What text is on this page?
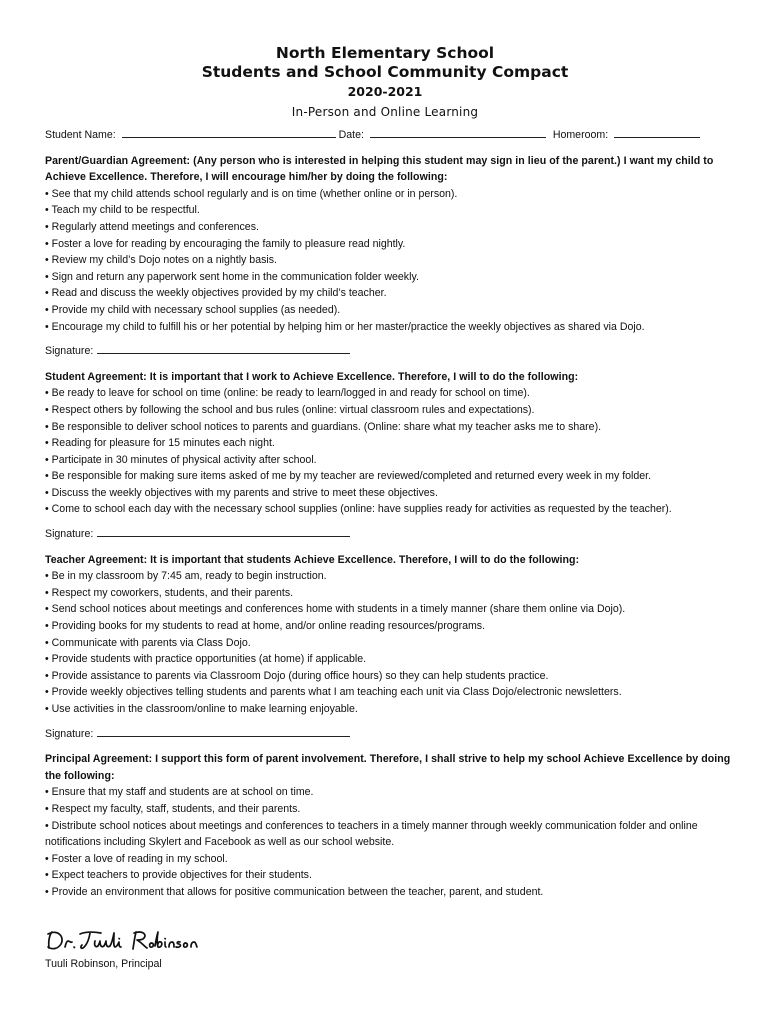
North Elementary School
Students and School Community Compact
2020-2021
In-Person and Online Learning
Student Name:	Date:	Homeroom:
Parent/Guardian Agreement: (Any person who is interested in helping this student may sign in lieu of the parent.) I want my child to Achieve Excellence. Therefore, I will encourage him/her by doing the following:
• See that my child attends school regularly and is on time (whether online or in person).
• Teach my child to be respectful.
• Regularly attend meetings and conferences.
• Foster a love for reading by encouraging the family to pleasure read nightly.
• Review my child’s Dojo notes on a nightly basis.
• Sign and return any paperwork sent home in the communication folder weekly.
• Read and discuss the weekly objectives provided by my child’s teacher.
• Provide my child with necessary school supplies (as needed).
• Encourage my child to fulfill his or her potential by helping him or her master/practice the weekly objectives as shared via Dojo.
Signature:
Student Agreement: It is important that I work to Achieve Excellence. Therefore, I will to do the following:
• Be ready to leave for school on time (online: be ready to learn/logged in and ready for school on time).
• Respect others by following the school and bus rules (online: virtual classroom rules and expectations).
• Be responsible to deliver school notices to parents and guardians. (Online: share what my teacher asks me to share).
• Reading for pleasure for 15 minutes each night.
• Participate in 30 minutes of physical activity after school.
• Be responsible for making sure items asked of me by my teacher are reviewed/completed and returned every week in my folder.
• Discuss the weekly objectives with my parents and strive to meet these objectives.
• Come to school each day with the necessary school supplies (online: have supplies ready for activities as requested by the teacher).
Signature:
Teacher Agreement: It is important that students Achieve Excellence. Therefore, I will to do the following:
• Be in my classroom by 7:45 am, ready to begin instruction.
• Respect my coworkers, students, and their parents.
• Send school notices about meetings and conferences home with students in a timely manner (share them online via Dojo).
• Providing books for my students to read at home, and/or online reading resources/programs.
• Communicate with parents via Class Dojo.
• Provide students with practice opportunities (at home) if applicable.
• Provide assistance to parents via Classroom Dojo (during office hours) so they can help students practice.
• Provide weekly objectives telling students and parents what I am teaching each unit via Class Dojo/electronic newsletters.
• Use activities in the classroom/online to make learning enjoyable.
Signature:
Principal Agreement: I support this form of parent involvement. Therefore, I shall strive to help my school Achieve Excellence by doing the following:
• Ensure that my staff and students are at school on time.
• Respect my faculty, staff, students, and their parents.
• Distribute school notices about meetings and conferences to teachers in a timely manner through weekly communication folder and online notifications including Skylert and Facebook as well as our school website.
• Foster a love of reading in my school.
• Expect teachers to provide objectives for their students.
• Provide an environment that allows for positive communication between the teacher, parent, and student.
Tuuli Robinson, Principal
